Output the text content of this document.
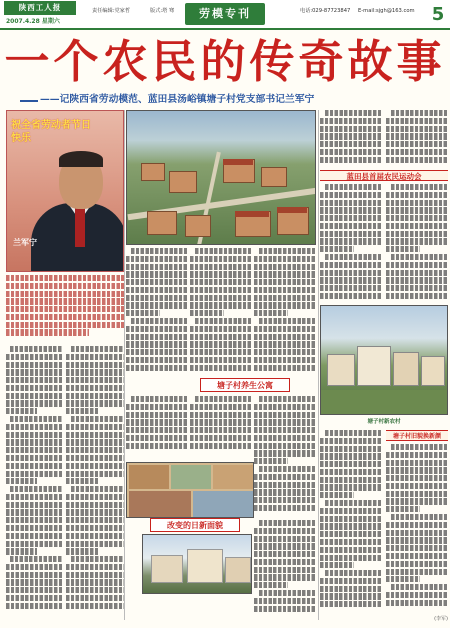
陕西工人报
2007.4.28 星期六
责任编辑:党家哲	版式:塔 骞	劳模专刊	电话:029-87723847	E-mail:sjgh@163.com 5
一个农民的传奇故事
——记陕西省劳动模范、蓝田县汤峪镇塘子村党支部书记兰军宁
祝全省劳动者节日快乐
兰军宁
塘子村养生公寓
改变的日新面貌
蓝田县首届农民运动会
塘子村新农村
塘子村旧貌换新颜
(李军)
